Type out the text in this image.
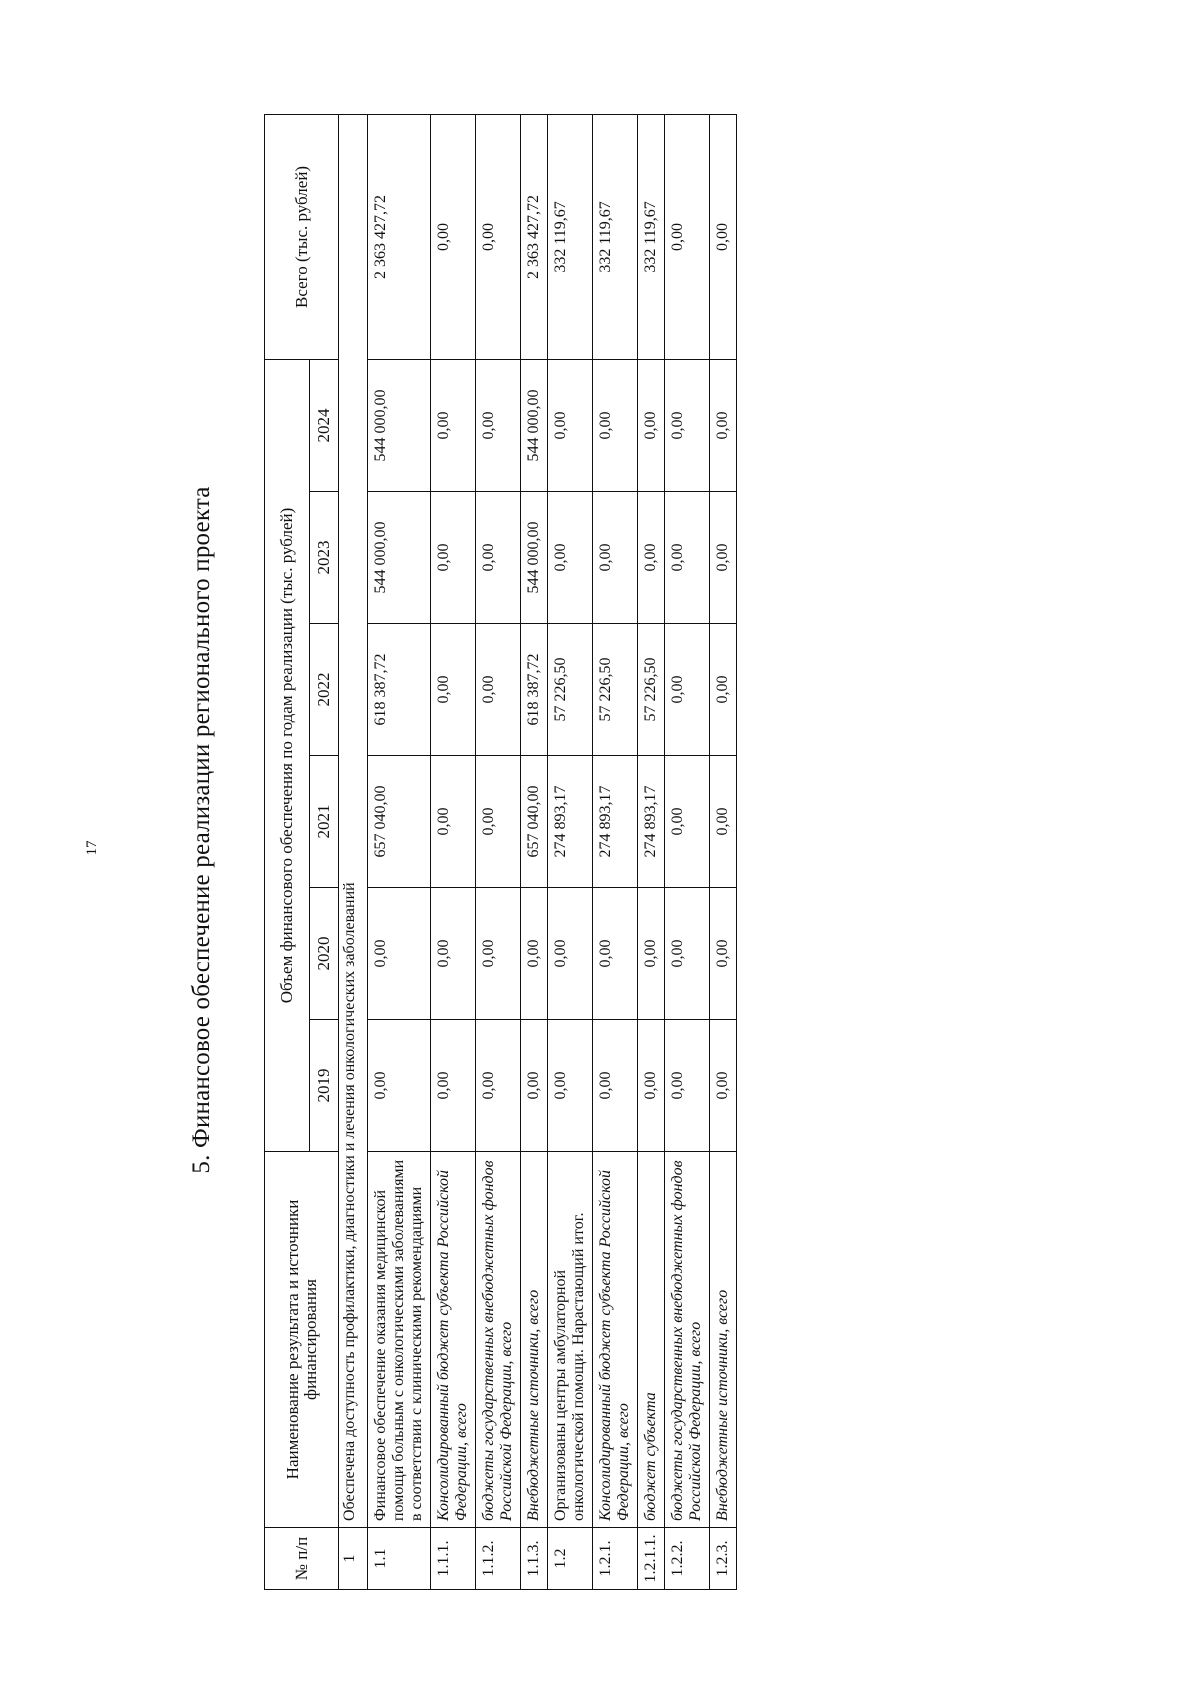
17	5. Финансовое обеспечение реализации регионального проекта
№ п/п	Наименование результата и источники финансирования	Объем финансового обеспечения по годам реализации (тыс. рублей)						Всего (тыс. рублей)
		2019	2020	2021	2022	2023	2024	
1	Обеспечена доступность профилактики, диагностики и лечения онкологических заболеваний							
1.1	Финансовое обеспечение оказания медицинской помощи больным с онкологическими заболеваниями в соответствии с клиническими рекомендациями	0,00	0,00	657 040,00	618 387,72	544 000,00	544 000,00	2 363 427,72
1.1.1.	Консолидированный бюджет субъекта Российской Федерации, всего	0,00	0,00	0,00	0,00	0,00	0,00	0,00
1.1.2.	бюджеты государственных внебюджетных фондов Российской Федерации, всего	0,00	0,00	0,00	0,00	0,00	0,00	0,00
1.1.3.	Внебюджетные источники, всего	0,00	0,00	657 040,00	618 387,72	544 000,00	544 000,00	2 363 427,72
1.2	Организованы центры амбулаторной онкологической помощи. Нарастающий итог.	0,00	0,00	274 893,17	57 226,50	0,00	0,00	332 119,67
1.2.1.	Консолидированный бюджет субъекта Российской Федерации, всего	0,00	0,00	274 893,17	57 226,50	0,00	0,00	332 119,67
1.2.1.1.	бюджет субъекта	0,00	0,00	274 893,17	57 226,50	0,00	0,00	332 119,67
1.2.2.	бюджеты государственных внебюджетных фондов Российской Федерации, всего	0,00	0,00	0,00	0,00	0,00	0,00	0,00
1.2.3.	Внебюджетные источники, всего	0,00	0,00	0,00	0,00	0,00	0,00	0,00
